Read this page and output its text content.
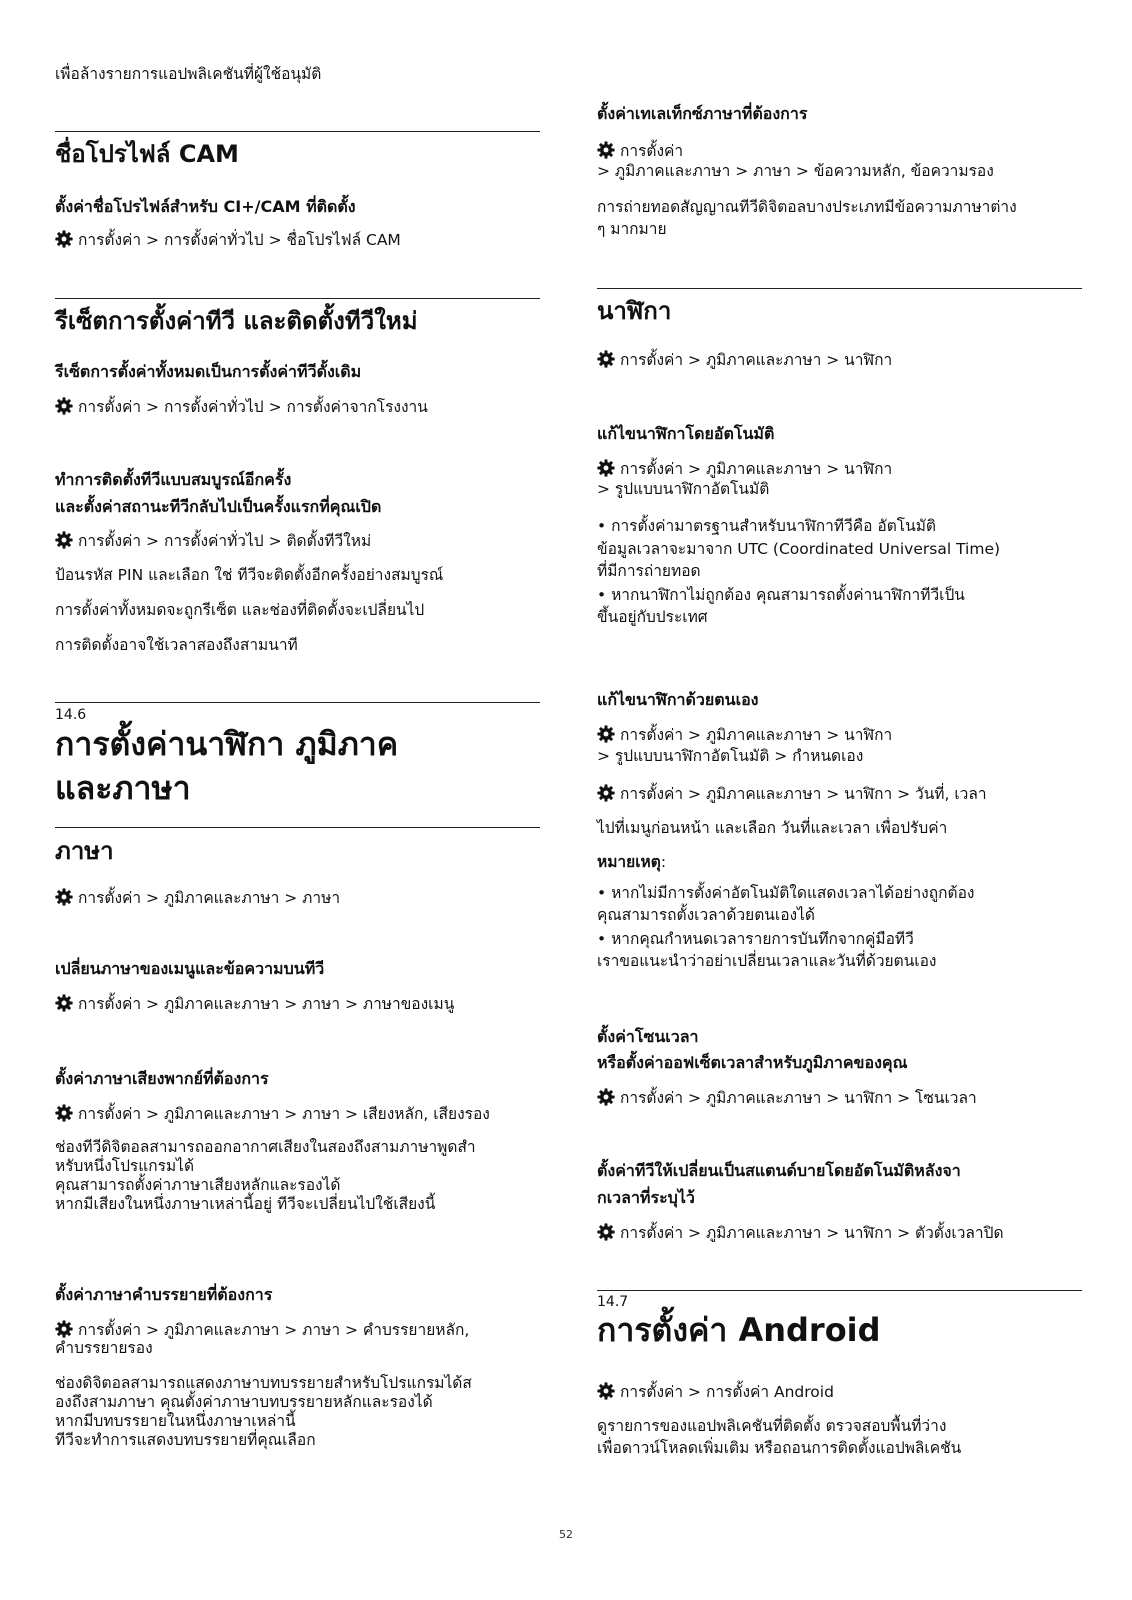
เพื่อล้างรายการแอปพลิเคชันที่ผู้ใช้อนุมัติ
ชื่อโปรไฟล์ CAM
ตั้งค่าชื่อโปรไฟล์สำหรับ CI+/CAM ที่ติดตั้ง
การตั้งค่า > การตั้งค่าทั่วไป > ชื่อโปรไฟล์ CAM
รีเซ็ตการตั้งค่าทีวี และติดตั้งทีวีใหม่
รีเซ็ตการตั้งค่าทั้งหมดเป็นการตั้งค่าทีวีดั้งเดิม
การตั้งค่า > การตั้งค่าทั่วไป > การตั้งค่าจากโรงงาน
ทำการติดตั้งทีวีแบบสมบูรณ์อีกครั้ง
และตั้งค่าสถานะทีวีกลับไปเป็นครั้งแรกที่คุณเปิด
การตั้งค่า > การตั้งค่าทั่วไป > ติดตั้งทีวีใหม่
ป้อนรหัส PIN และเลือก ใช่ ทีวีจะติดตั้งอีกครั้งอย่างสมบูรณ์
การตั้งค่าทั้งหมดจะถูกรีเซ็ต และช่องที่ติดตั้งจะเปลี่ยนไป
การติดตั้งอาจใช้เวลาสองถึงสามนาที
14.6
การตั้งค่านาฬิกา ภูมิภาค
และภาษา
ภาษา
การตั้งค่า > ภูมิภาคและภาษา > ภาษา
เปลี่ยนภาษาของเมนูและข้อความบนทีวี
การตั้งค่า > ภูมิภาคและภาษา > ภาษา > ภาษาของเมนู
ตั้งค่าภาษาเสียงพากย์ที่ต้องการ
การตั้งค่า > ภูมิภาคและภาษา > ภาษา > เสียงหลัก, เสียงรอง
ช่องทีวีดิจิตอลสามารถออกอากาศเสียงในสองถึงสามภาษาพูดสำ
หรับหนึ่งโปรแกรมได้
คุณสามารถตั้งค่าภาษาเสียงหลักและรองได้
หากมีเสียงในหนึ่งภาษาเหล่านี้อยู่ ทีวีจะเปลี่ยนไปใช้เสียงนี้
ตั้งค่าภาษาคำบรรยายที่ต้องการ
การตั้งค่า > ภูมิภาคและภาษา > ภาษา > คำบรรยายหลัก,
คำบรรยายรอง
ช่องดิจิตอลสามารถแสดงภาษาบทบรรยายสำหรับโปรแกรมได้ส
องถึงสามภาษา คุณตั้งค่าภาษาบทบรรยายหลักและรองได้
หากมีบทบรรยายในหนึ่งภาษาเหล่านี้
ทีวีจะทำการแสดงบทบรรยายที่คุณเลือก
ตั้งค่าเทเลเท็กซ์ภาษาที่ต้องการ
การตั้งค่า
> ภูมิภาคและภาษา > ภาษา > ข้อความหลัก, ข้อความรอง
การถ่ายทอดสัญญาณทีวีดิจิตอลบางประเภทมีข้อความภาษาต่าง
ๆ มากมาย
นาฬิกา
การตั้งค่า > ภูมิภาคและภาษา > นาฬิกา
แก้ไขนาฬิกาโดยอัตโนมัติ
การตั้งค่า > ภูมิภาคและภาษา > นาฬิกา
> รูปแบบนาฬิกาอัตโนมัติ
• การตั้งค่ามาตรฐานสำหรับนาฬิกาทีวีคือ อัตโนมัติ
ข้อมูลเวลาจะมาจาก UTC (Coordinated Universal Time)
ที่มีการถ่ายทอด
• หากนาฬิกาไม่ถูกต้อง คุณสามารถตั้งค่านาฬิกาทีวีเป็น
ขึ้นอยู่กับประเทศ
แก้ไขนาฬิกาด้วยตนเอง
การตั้งค่า > ภูมิภาคและภาษา > นาฬิกา
> รูปแบบนาฬิกาอัตโนมัติ > กำหนดเอง
การตั้งค่า > ภูมิภาคและภาษา > นาฬิกา > วันที่, เวลา
ไปที่เมนูก่อนหน้า และเลือก วันที่และเวลา เพื่อปรับค่า
หมายเหตุ:
• หากไม่มีการตั้งค่าอัตโนมัติใดแสดงเวลาได้อย่างถูกต้อง
คุณสามารถตั้งเวลาด้วยตนเองได้
• หากคุณกำหนดเวลารายการบันทึกจากคู่มือทีวี
เราขอแนะนำว่าอย่าเปลี่ยนเวลาและวันที่ด้วยตนเอง
ตั้งค่าโซนเวลา
หรือตั้งค่าออฟเซ็ตเวลาสำหรับภูมิภาคของคุณ
การตั้งค่า > ภูมิภาคและภาษา > นาฬิกา > โซนเวลา
ตั้งค่าทีวีให้เปลี่ยนเป็นสแตนด์บายโดยอัตโนมัติหลังจา
กเวลาที่ระบุไว้
การตั้งค่า > ภูมิภาคและภาษา > นาฬิกา > ตัวตั้งเวลาปิด
14.7
การตั้งค่า Android
การตั้งค่า > การตั้งค่า Android
ดูรายการของแอปพลิเคชันที่ติดตั้ง ตรวจสอบพื้นที่ว่าง
เพื่อดาวน์โหลดเพิ่มเติม หรือถอนการติดตั้งแอปพลิเคชัน
52
